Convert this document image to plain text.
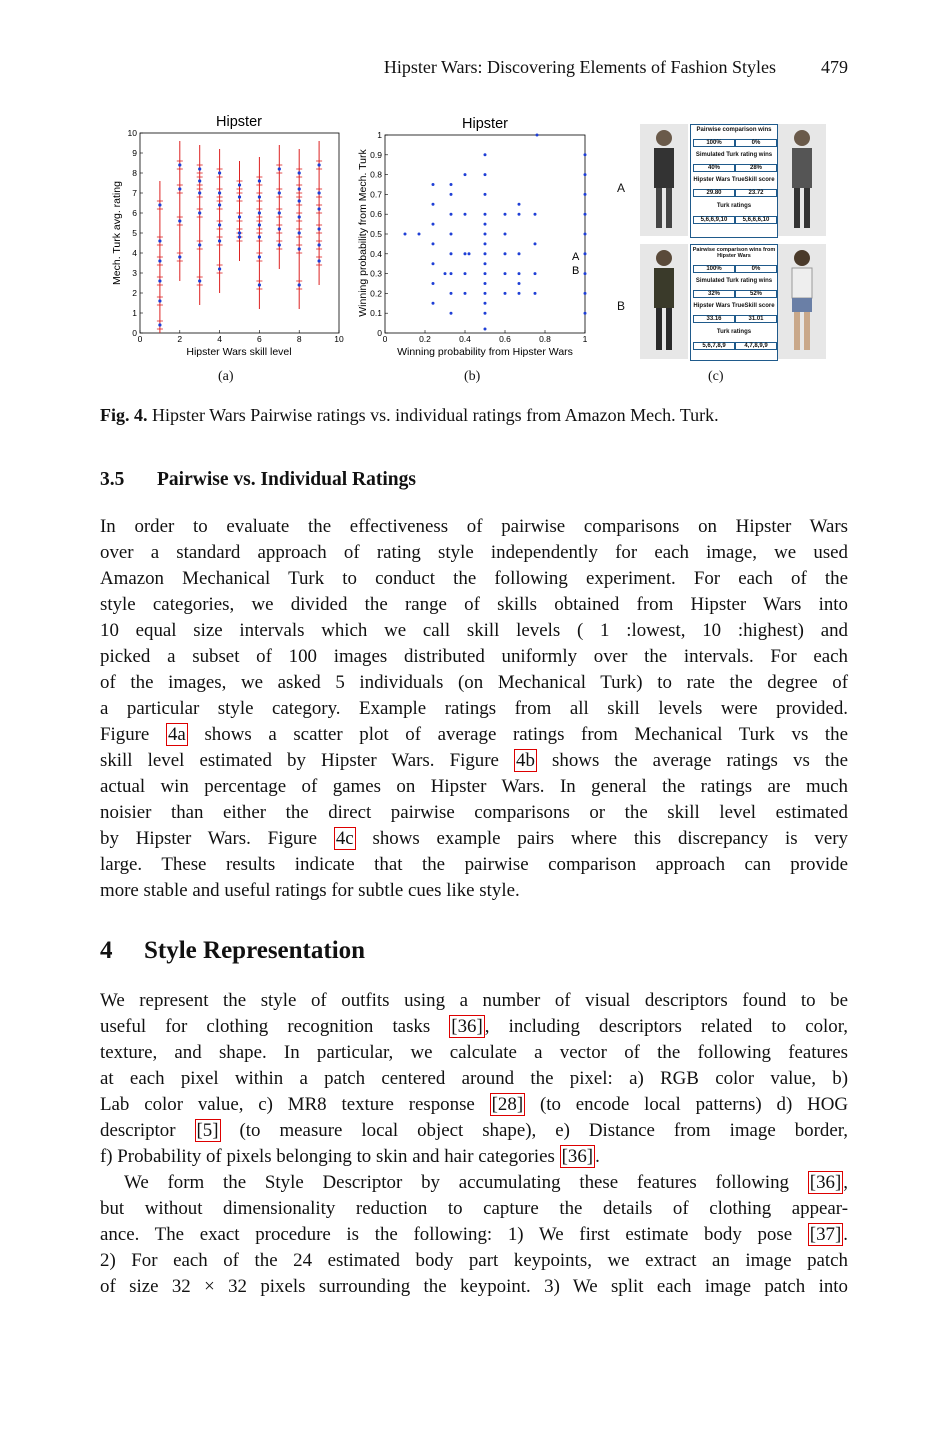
Hipster Wars: Discovering Elements of Fashion Styles	479
Hipster
0
1
2
3
4
5
6
7
8
9
10
0	2	4	6	8	10
Hipster Wars skill level
Mech. Turk avg. rating
Hipster
0
0.1
0.2
0.3
0.4
0.5
0.6
0.7
0.8
0.9
1
0	0.2	0.4	0.6	0.8	1
A
B
Winning probability from Hipster Wars
Winning probability from Mech. Turk	A
B
Pairwise comparison wins
100%	0%
Simulated Turk rating wins
40%	28%
Hipster Wars TrueSkill score
29.80	23.72
Turk ratings
5,6,6,9,10	5,6,6,6,10
Pairwise comparison wins from Hipster Wars
100%	0%
Simulated Turk rating wins
32%	52%
Hipster Wars TrueSkill score
33.16	31.01
Turk ratings
5,6,7,8,9	4,7,8,9,9
(a)	(b)	(c)
Fig. 4. Hipster Wars Pairwise ratings vs. individual ratings from Amazon Mech. Turk.
3.5 Pairwise vs. Individual Ratings
In order to evaluate the effectiveness of pairwise comparisons on Hipster Wars
over a standard approach of rating style independently for each image, we used
Amazon Mechanical Turk to conduct the following experiment. For each of the
style categories, we divided the range of skills obtained from Hipster Wars into
10 equal size intervals which we call skill levels ( 1 :lowest, 10 :highest) and
picked a subset of 100 images distributed uniformly over the intervals. For each
of the images, we asked 5 individuals (on Mechanical Turk) to rate the degree of
a particular style category. Example ratings from all skill levels were provided.
Figure 4a shows a scatter plot of average ratings from Mechanical Turk vs the
skill level estimated by Hipster Wars. Figure 4b shows the average ratings vs the
actual win percentage of games on Hipster Wars. In general the ratings are much
noisier than either the direct pairwise comparisons or the skill level estimated
by Hipster Wars. Figure 4c shows example pairs where this discrepancy is very
large. These results indicate that the pairwise comparison approach can provide
more stable and useful ratings for subtle cues like style.
4 Style Representation
We represent the style of outfits using a number of visual descriptors found to be
useful for clothing recognition tasks [36] , including descriptors related to color,
texture, and shape. In particular, we calculate a vector of the following features
at each pixel within a patch centered around the pixel: a) RGB color value, b)
Lab color value, c) MR8 texture response [28] (to encode local patterns) d) HOG
descriptor [5] (to measure local object shape), e) Distance from image border,
f) Probability of pixels belonging to skin and hair categories [36] .
We form the Style Descriptor by accumulating these features following [36] ,
but without dimensionality reduction to capture the details of clothing appear-
ance. The exact procedure is the following: 1) We first estimate body pose [37] .
2) For each of the 24 estimated body part keypoints, we extract an image patch
of size 32 × 32 pixels surrounding the keypoint. 3) We split each image patch into
